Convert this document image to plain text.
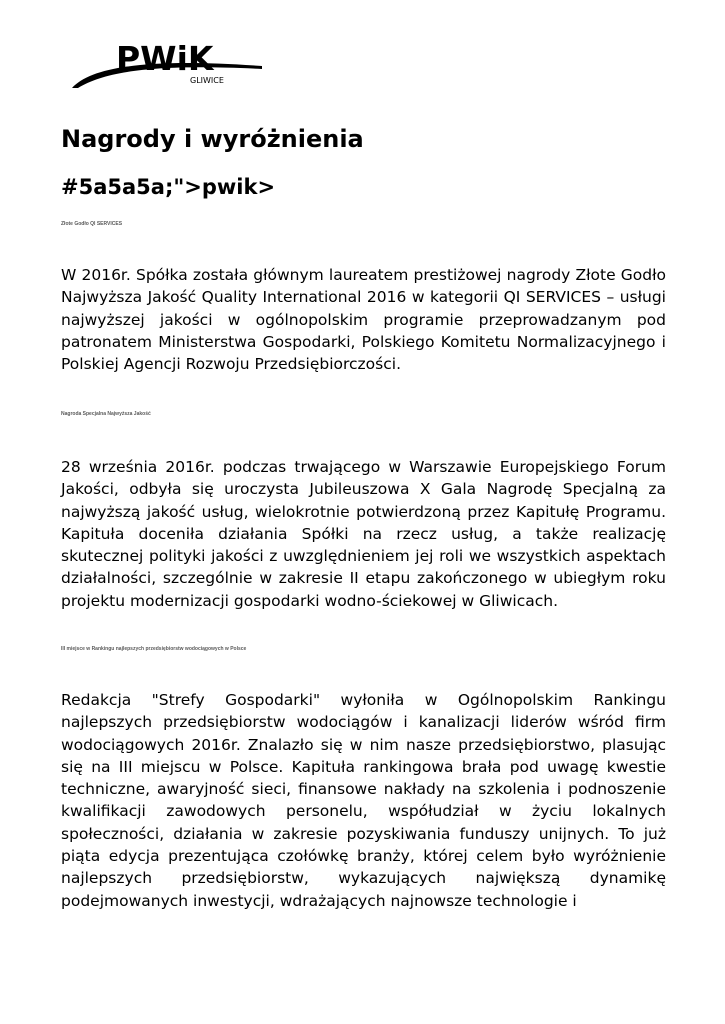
PWiK
GLIWICE
Nagrody i wyróżnienia
#5a5a5a;">pwik>
Złote Godło QI SERVICES

W 2016r. Spółka została głównym laureatem prestiżowej nagrody Złote Godło Najwyższa Jakość Quality International 2016 w kategorii QI SERVICES – usługi najwyższej jakości w ogólnopolskim programie przeprowadzanym pod patronatem Ministerstwa Gospodarki, Polskiego Komitetu Normalizacyjnego i Polskiej Agencji Rozwoju Przedsiębiorczości.

Nagroda Specjalna Najwyższa Jakość

28 września 2016r. podczas trwającego w Warszawie Europejskiego Forum Jakości, odbyła się uroczysta Jubileuszowa X Gala Nagrodę Specjalną za najwyższą jakość usług, wielokrotnie potwierdzoną przez Kapitułę Programu. Kapituła doceniła działania Spółki na rzecz usług, a także realizację skutecznej polityki jakości z uwzględnieniem jej roli we wszystkich aspektach działalności, szczególnie w zakresie II etapu zakończonego w ubiegłym roku projektu modernizacji gospodarki wodno-ściekowej w Gliwicach.

III miejsce w Rankingu najlepszych przedsiębiorstw wodociągowych w Polsce

Redakcja "Strefy Gospodarki" wyłoniła w Ogólnopolskim Rankingu najlepszych przedsiębiorstw wodociągów i kanalizacji liderów wśród firm wodociągowych 2016r. Znalazło się w nim nasze przedsiębiorstwo, plasując się na III miejscu w Polsce. Kapituła rankingowa brała pod uwagę kwestie techniczne, awaryjność sieci, finansowe nakłady na szkolenia i podnoszenie kwalifikacji zawodowych personelu, współudział w życiu lokalnych społeczności, działania w zakresie pozyskiwania funduszy unijnych. To już piąta edycja prezentująca czołówkę branży, której celem było wyróżnienie najlepszych przedsiębiorstw, wykazujących największą dynamikę podejmowanych inwestycji, wdrażających najnowsze technologie i
